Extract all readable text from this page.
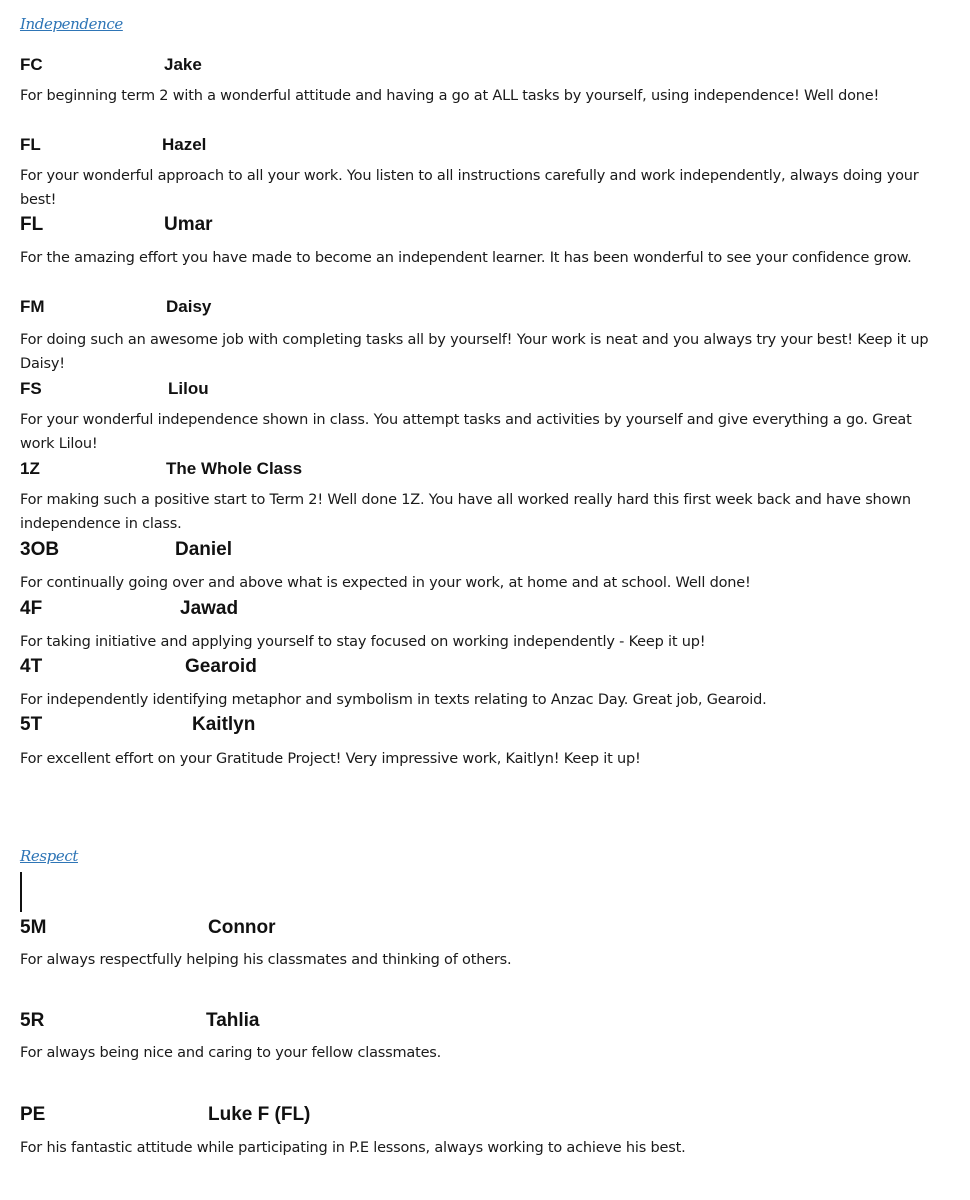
Independence
FC	Jake
For beginning term 2 with a wonderful attitude and having a go at ALL tasks by yourself, using independence! Well done!
FL	Hazel
For your wonderful approach to all your work. You listen to all instructions carefully and work independently, always doing your best!
FL	Umar
For the amazing effort you have made to become an independent learner. It has been wonderful to see your confidence grow.
FM	Daisy
For doing such an awesome job with completing tasks all by yourself! Your work is neat and you always try your best! Keep it up Daisy!
FS	Lilou
For your wonderful independence shown in class. You attempt tasks and activities by yourself and give everything a go. Great work Lilou!
1Z	The Whole Class
For making such a positive start to Term 2! Well done 1Z. You have all worked really hard this first week back and have shown independence in class.
3OB	Daniel
For continually going over and above what is expected in your work, at home and at school. Well done!
4F	Jawad
For taking initiative and applying yourself to stay focused on working independently - Keep it up!
4T	Gearoid
For independently identifying metaphor and symbolism in texts relating to Anzac Day. Great job, Gearoid.
5T	Kaitlyn
For excellent effort on your Gratitude Project! Very impressive work, Kaitlyn! Keep it up!
Respect
5M	Connor
For always respectfully helping his classmates and thinking of others.
5R	Tahlia
For always being nice and caring to your fellow classmates.
PE	Luke F (FL)
For his fantastic attitude while participating in P.E lessons, always working to achieve his best.
